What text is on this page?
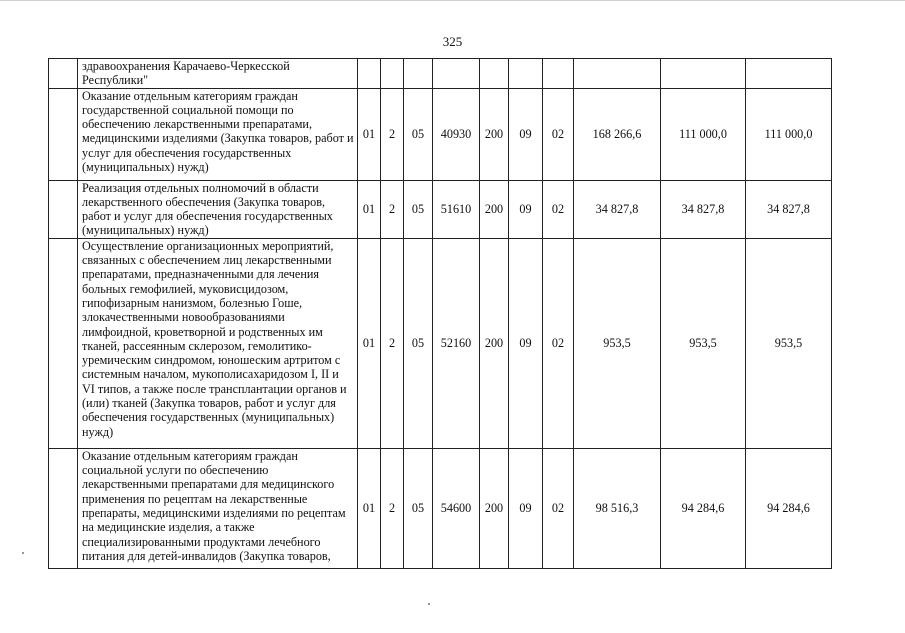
325
	здравоохранения Карачаево-Черкесской Республики"										
	Оказание отдельным категориям граждан государственной социальной помощи по обеспечению лекарственными препаратами, медицинскими изделиями (Закупка товаров, работ и услуг для обеспечения государственных (муниципальных) нужд)	01	2	05	40930	200	09	02	168 266,6	111 000,0	111 000,0
	Реализация отдельных полномочий в области лекарственного обеспечения (Закупка товаров, работ и услуг для обеспечения государственных (муниципальных) нужд)	01	2	05	51610	200	09	02	34 827,8	34 827,8	34 827,8
	Осуществление организационных мероприятий, связанных с обеспечением лиц лекарственными препаратами, предназначенными для лечения больных гемофилией, муковисцидозом, гипофизарным нанизмом, болезнью Гоше, злокачественными новообразованиями лимфоидной, кроветворной и родственных им тканей, рассеянным склерозом, гемолитико-уремическим синдромом, юношеским артритом с системным началом, мукополисахаридозом I, II и VI типов, а также после трансплантации органов и (или) тканей (Закупка товаров, работ и услуг для обеспечения государственных (муниципальных) нужд)	01	2	05	52160	200	09	02	953,5	953,5	953,5
	Оказание отдельным категориям граждан социальной услуги по обеспечению лекарственными препаратами для медицинского применения по рецептам на лекарственные препараты, медицинскими изделиями по рецептам на медицинские изделия, а также специализированными продуктами лечебного питания для детей-инвалидов (Закупка товаров,	01	2	05	54600	200	09	02	98 516,3	94 284,6	94 284,6
